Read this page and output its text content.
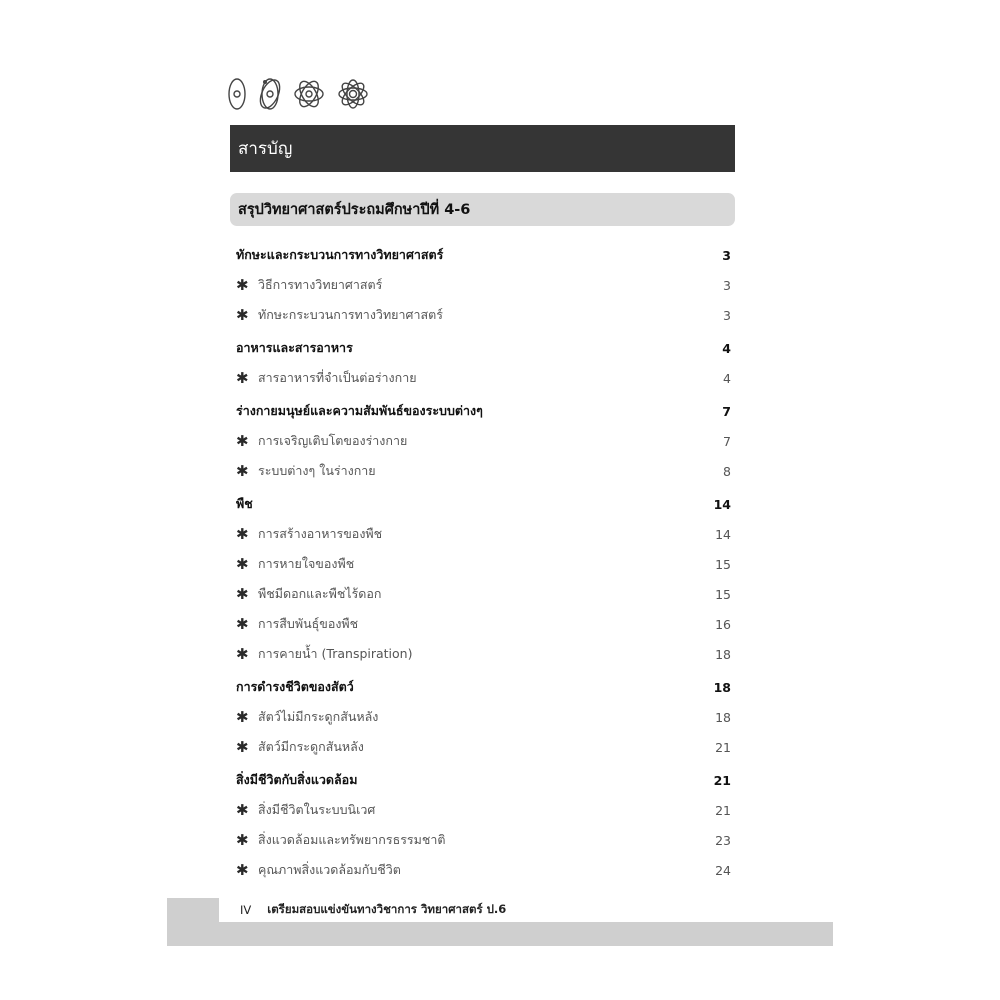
สารบัญ
สรุปวิทยาศาสตร์ประถมศึกษาปีที่ 4-6
ทักษะและกระบวนการทางวิทยาศาสตร์	3
✱ วิธีการทางวิทยาศาสตร์	3
✱ ทักษะกระบวนการทางวิทยาศาสตร์	3
อาหารและสารอาหาร	4
✱ สารอาหารที่จำเป็นต่อร่างกาย	4
ร่างกายมนุษย์และความสัมพันธ์ของระบบต่างๆ	7
✱ การเจริญเติบโตของร่างกาย	7
✱ ระบบต่างๆ ในร่างกาย	8
พืช	14
✱ การสร้างอาหารของพืช	14
✱ การหายใจของพืช	15
✱ พืชมีดอกและพืชไร้ดอก	15
✱ การสืบพันธุ์ของพืช	16
✱ การคายน้ำ (Transpiration)	18
การดำรงชีวิตของสัตว์	18
✱ สัตว์ไม่มีกระดูกสันหลัง	18
✱ สัตว์มีกระดูกสันหลัง	21
สิ่งมีชีวิตกับสิ่งแวดล้อม	21
✱ สิ่งมีชีวิตในระบบนิเวศ	21
✱ สิ่งแวดล้อมและทรัพยากรธรรมชาติ	23
✱ คุณภาพสิ่งแวดล้อมกับชีวิต	24
IV เตรียมสอบแข่งขันทางวิชาการ วิทยาศาสตร์ ป.6
